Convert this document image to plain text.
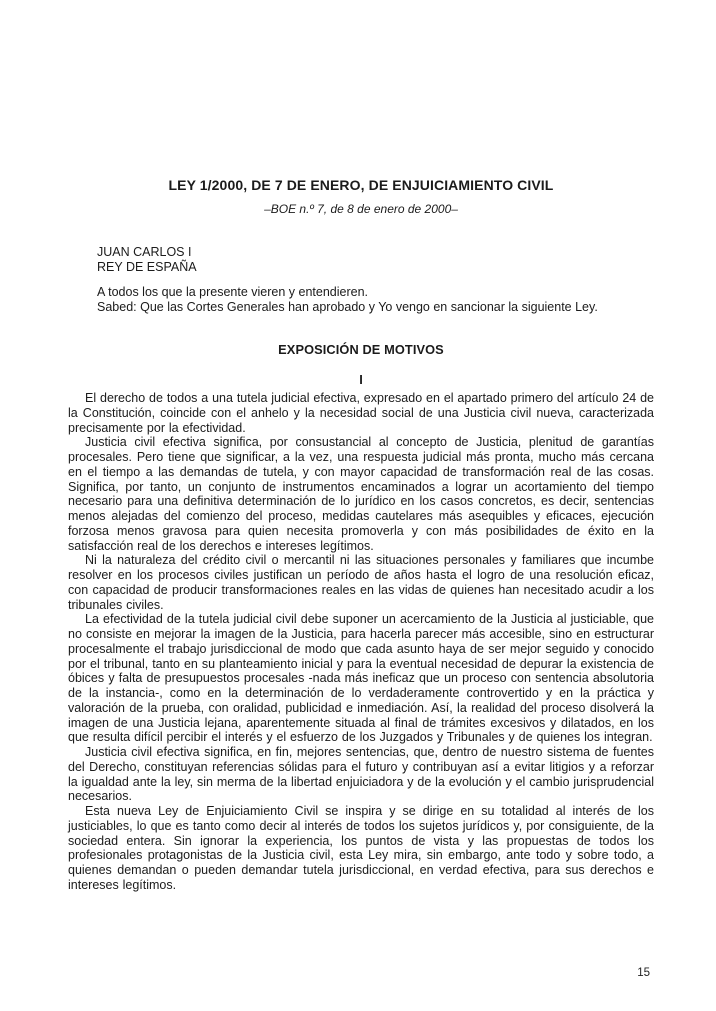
LEY 1/2000, DE 7 DE ENERO, DE ENJUICIAMIENTO CIVIL
–BOE n.º 7, de 8 de enero de 2000–
JUAN CARLOS I
REY DE ESPAÑA
A todos los que la presente vieren y entendieren.
Sabed: Que las Cortes Generales han aprobado y Yo vengo en sancionar la siguiente Ley.
EXPOSICIÓN DE MOTIVOS
I

El derecho de todos a una tutela judicial efectiva, expresado en el apartado primero del artículo 24 de la Constitución, coincide con el anhelo y la necesidad social de una Justicia civil nueva, caracterizada precisamente por la efectividad.

Justicia civil efectiva significa, por consustancial al concepto de Justicia, plenitud de garantías procesales. Pero tiene que significar, a la vez, una respuesta judicial más pronta, mucho más cercana en el tiempo a las demandas de tutela, y con mayor capacidad de transformación real de las cosas. Significa, por tanto, un conjunto de instrumentos encaminados a lograr un acortamiento del tiempo necesario para una definitiva determinación de lo jurídico en los casos concretos, es decir, sentencias menos alejadas del comienzo del proceso, medidas cautelares más asequibles y eficaces, ejecución forzosa menos gravosa para quien necesita promoverla y con más posibilidades de éxito en la satisfacción real de los derechos e intereses legítimos.

Ni la naturaleza del crédito civil o mercantil ni las situaciones personales y familiares que incumbe resolver en los procesos civiles justifican un período de años hasta el logro de una resolución eficaz, con capacidad de producir transformaciones reales en las vidas de quienes han necesitado acudir a los tribunales civiles.

La efectividad de la tutela judicial civil debe suponer un acercamiento de la Justicia al justiciable, que no consiste en mejorar la imagen de la Justicia, para hacerla parecer más accesible, sino en estructurar procesalmente el trabajo jurisdiccional de modo que cada asunto haya de ser mejor seguido y conocido por el tribunal, tanto en su planteamiento inicial y para la eventual necesidad de depurar la existencia de óbices y falta de presupuestos procesales -nada más ineficaz que un proceso con sentencia absolutoria de la instancia-, como en la determinación de lo verdaderamente controvertido y en la práctica y valoración de la prueba, con oralidad, publicidad e inmediación. Así, la realidad del proceso disolverá la imagen de una Justicia lejana, aparentemente situada al final de trámites excesivos y dilatados, en los que resulta difícil percibir el interés y el esfuerzo de los Juzgados y Tribunales y de quienes los integran.

Justicia civil efectiva significa, en fin, mejores sentencias, que, dentro de nuestro sistema de fuentes del Derecho, constituyan referencias sólidas para el futuro y contribuyan así a evitar litigios y a reforzar la igualdad ante la ley, sin merma de la libertad enjuiciadora y de la evolución y el cambio jurisprudencial necesarios.

Esta nueva Ley de Enjuiciamiento Civil se inspira y se dirige en su totalidad al interés de los justiciables, lo que es tanto como decir al interés de todos los sujetos jurídicos y, por consiguiente, de la sociedad entera. Sin ignorar la experiencia, los puntos de vista y las propuestas de todos los profesionales protagonistas de la Justicia civil, esta Ley mira, sin embargo, ante todo y sobre todo, a quienes demandan o pueden demandar tutela jurisdiccional, en verdad efectiva, para sus derechos e intereses legítimos.

15
